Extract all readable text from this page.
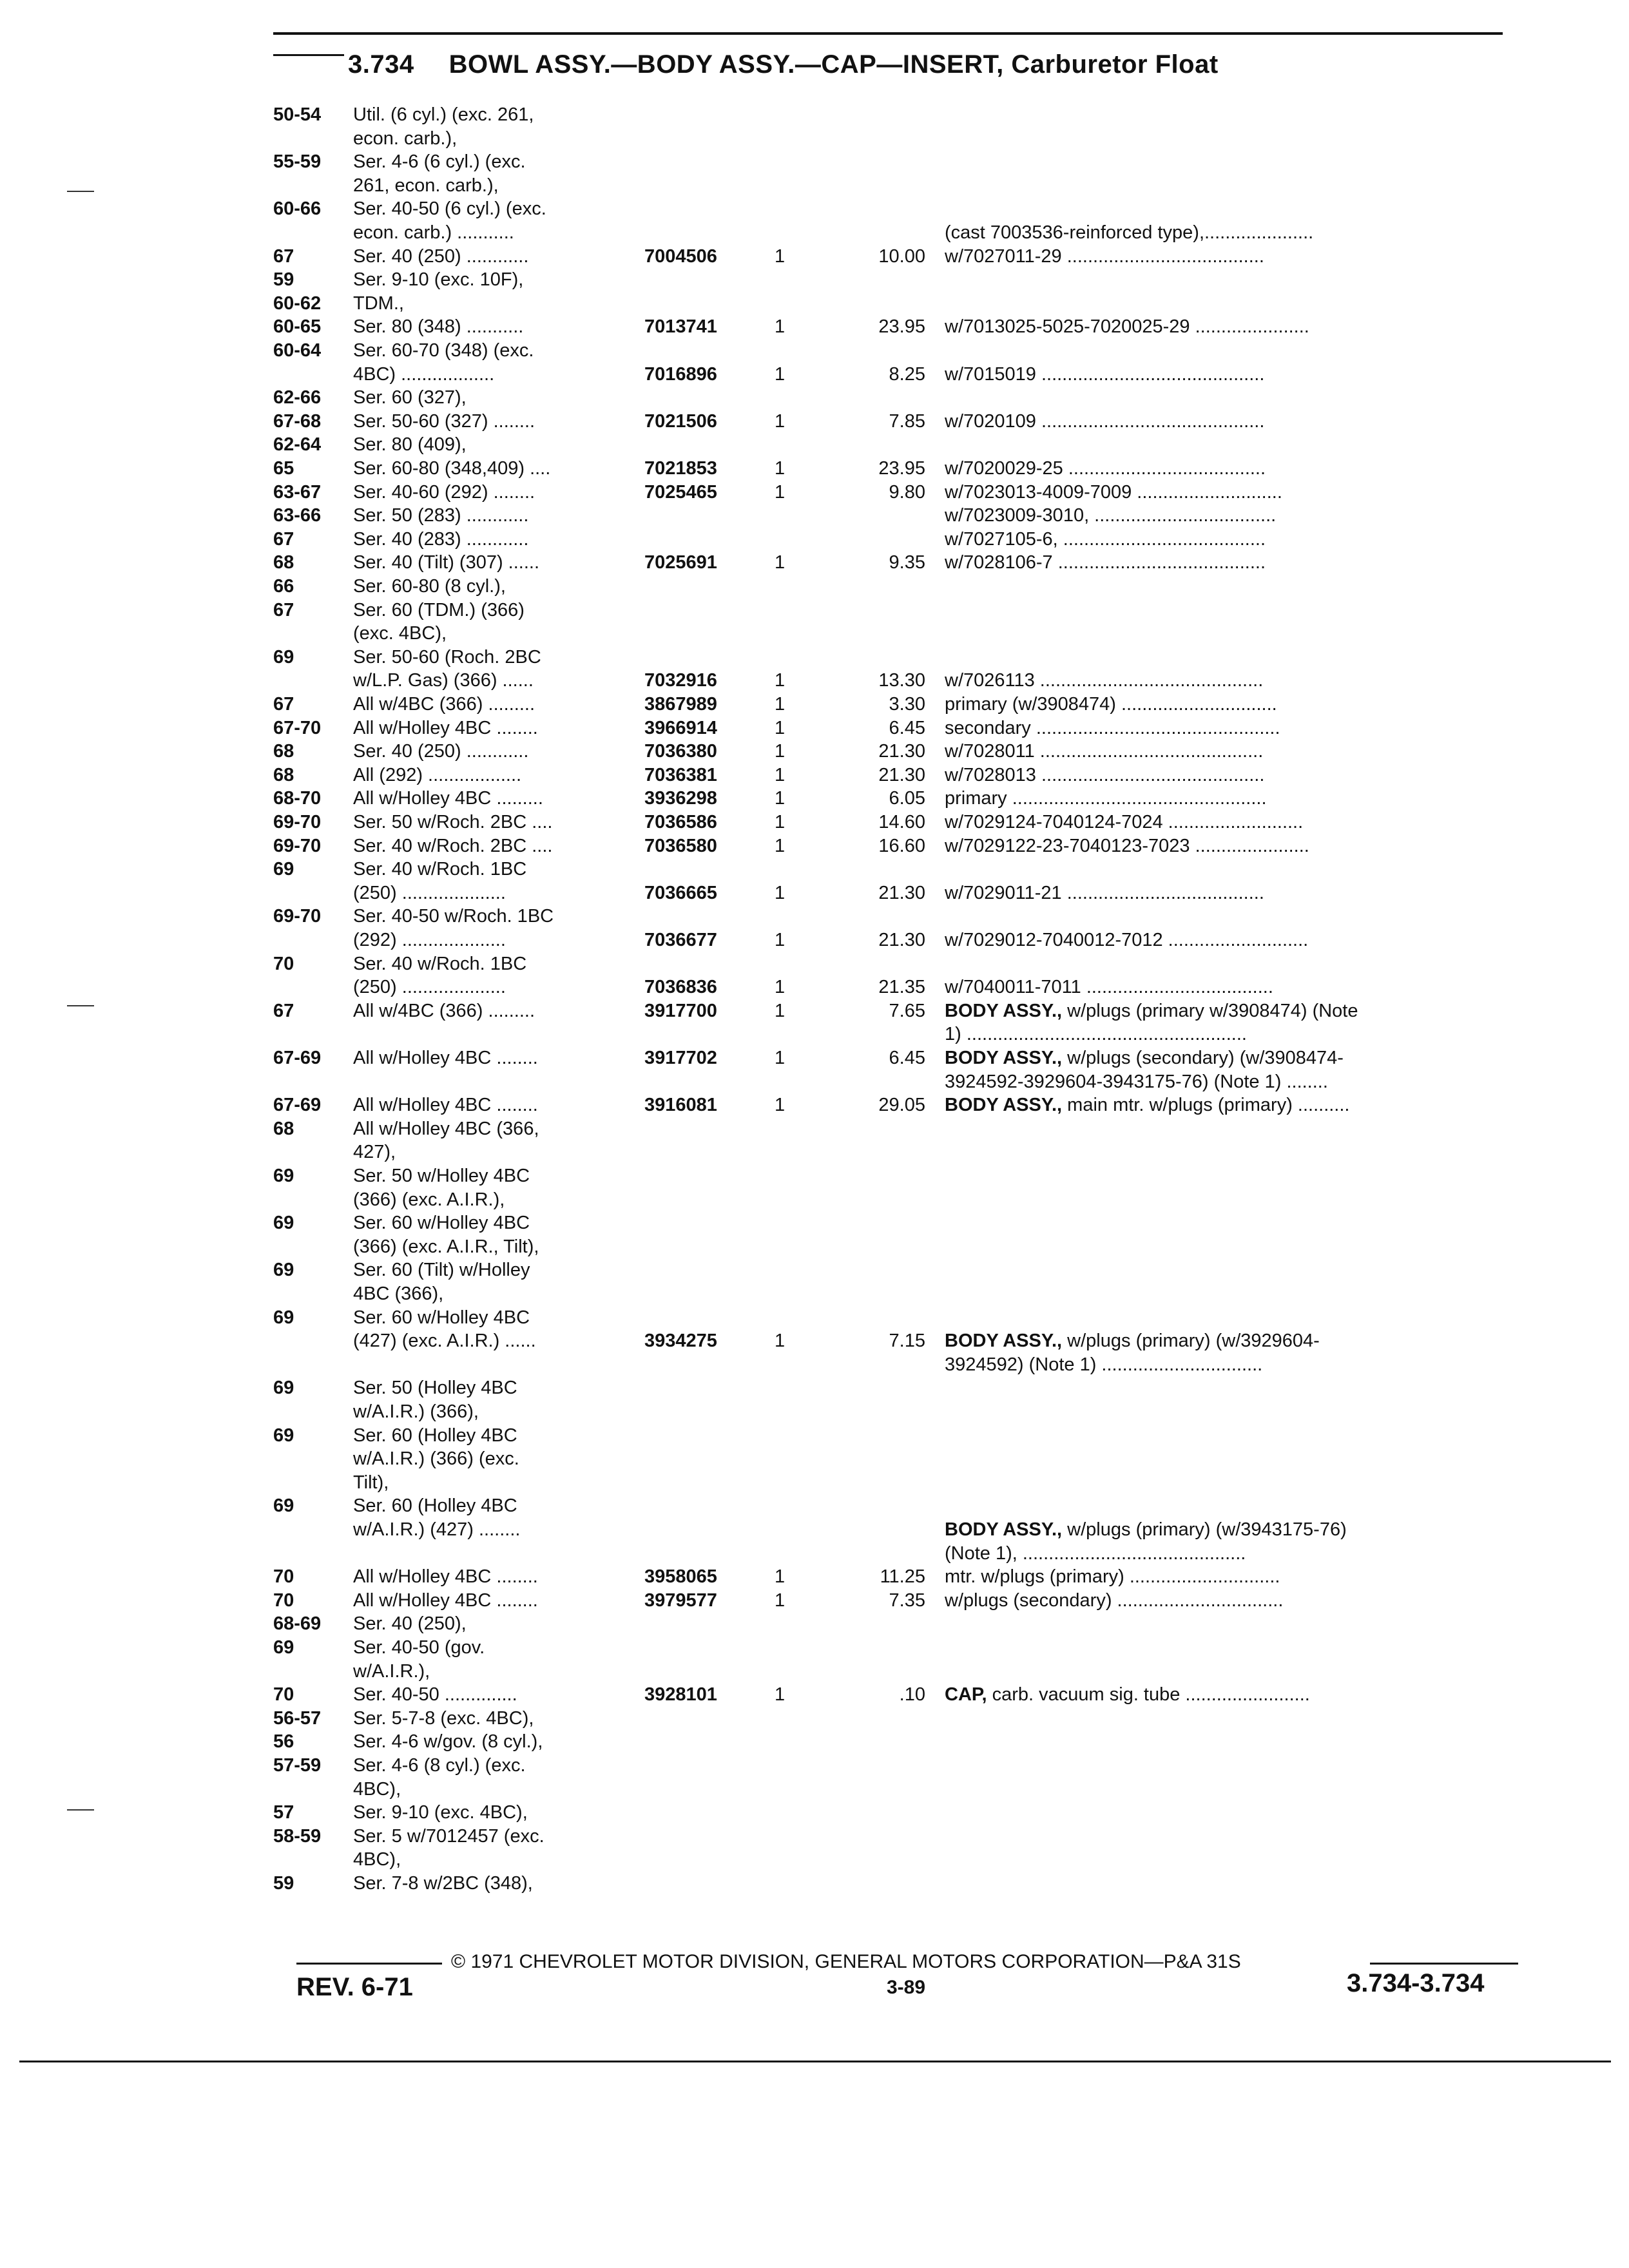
3.734 BOWL ASSY.—BODY ASSY.—CAP—INSERT, Carburetor Float
50-54 Util. (6 cyl.) (exc. 261,
econ. carb.),
55-59 Ser. 4-6 (6 cyl.) (exc.
261, econ. carb.),
60-66 Ser. 40-50 (6 cyl.) (exc.
econ. carb.) ...........	(cast 7003536-reinforced type),.....................
67	Ser. 40 (250) ............	7004506	1	10.00 w/7027011-29 ......................................
59	Ser. 9-10 (exc. 10F),
60-62 TDM.,
60-65 Ser. 80 (348) ...........	7013741	1	23.95 w/7013025-5025-7020025-29 ......................
60-64 Ser. 60-70 (348) (exc.
4BC) ..................	7016896	1	8.25 w/7015019 ...........................................
62-66 Ser. 60 (327),
67-68 Ser. 50-60 (327) ........	7021506	1	7.85 w/7020109 ...........................................
62-64 Ser. 80 (409),
65	Ser. 60-80 (348,409) ....	7021853	1	23.95 w/7020029-25 ......................................
63-67 Ser. 40-60 (292) ........	7025465	1	9.80 w/7023013-4009-7009 ............................
63-66 Ser. 50 (283) ............	w/7023009-3010, ...................................
67	Ser. 40 (283) ............	w/7027105-6, .......................................
68	Ser. 40 (Tilt) (307) ......	7025691	1	9.35 w/7028106-7 ........................................
66	Ser. 60-80 (8 cyl.),
67	Ser. 60 (TDM.) (366)
(exc. 4BC),
69	Ser. 50-60 (Roch. 2BC
w/L.P. Gas) (366) ......	7032916	1	13.30 w/7026113 ...........................................
67	All w/4BC (366) .........	3867989	1	3.30 primary (w/3908474) ..............................
67-70 All w/Holley 4BC ........	3966914	1	6.45 secondary ...............................................
68	Ser. 40 (250) ............	7036380	1	21.30 w/7028011 ...........................................
68	All (292) ..................	7036381	1	21.30 w/7028013 ...........................................
68-70 All w/Holley 4BC .........	3936298	1	6.05 primary .................................................
69-70 Ser. 50 w/Roch. 2BC ....	7036586	1	14.60 w/7029124-7040124-7024 ..........................
69-70 Ser. 40 w/Roch. 2BC ....	7036580	1	16.60 w/7029122-23-7040123-7023 ......................
69	Ser. 40 w/Roch. 1BC
(250) ....................	7036665	1	21.30 w/7029011-21 ......................................
69-70 Ser. 40-50 w/Roch. 1BC
(292) ....................	7036677	1	21.30 w/7029012-7040012-7012 ...........................
70	Ser. 40 w/Roch. 1BC
(250) ....................	7036836	1	21.35 w/7040011-7011 ....................................
67	All w/4BC (366) .........	3917700	1	7.65 BODY ASSY., w/plugs (primary w/3908474) (Note
1) ......................................................
67-69 All w/Holley 4BC ........	3917702	1	6.45 BODY ASSY., w/plugs (secondary) (w/3908474-
3924592-3929604-3943175-76) (Note 1) ........
67-69 All w/Holley 4BC ........	3916081	1	29.05 BODY ASSY., main mtr. w/plugs (primary) ..........
68	All w/Holley 4BC (366,
427),
69	Ser. 50 w/Holley 4BC
(366) (exc. A.I.R.),
69	Ser. 60 w/Holley 4BC
(366) (exc. A.I.R., Tilt),
69	Ser. 60 (Tilt) w/Holley
4BC (366),
69	Ser. 60 w/Holley 4BC
(427) (exc. A.I.R.) ......	3934275	1	7.15 BODY ASSY., w/plugs (primary) (w/3929604-
3924592) (Note 1) ...............................
69	Ser. 50 (Holley 4BC
w/A.I.R.) (366),
69	Ser. 60 (Holley 4BC
w/A.I.R.) (366) (exc.
Tilt),
69	Ser. 60 (Holley 4BC
w/A.I.R.) (427) ........	BODY ASSY., w/plugs (primary) (w/3943175-76)
(Note 1), ...........................................
70	All w/Holley 4BC ........	3958065	1	11.25 mtr. w/plugs (primary) .............................
70	All w/Holley 4BC ........	3979577	1	7.35 w/plugs (secondary) ................................
68-69 Ser. 40 (250),
69	Ser. 40-50 (gov.
w/A.I.R.),
70	Ser. 40-50 ..............	3928101	1	.10 CAP, carb. vacuum sig. tube ........................
56-57 Ser. 5-7-8 (exc. 4BC),
56	Ser. 4-6 w/gov. (8 cyl.),
57-59 Ser. 4-6 (8 cyl.) (exc.
4BC),
57	Ser. 9-10 (exc. 4BC),
58-59 Ser. 5 w/7012457 (exc.
4BC),
59	Ser. 7-8 w/2BC (348),
© 1971 CHEVROLET MOTOR DIVISION, GENERAL MOTORS CORPORATION—P&A 31S
REV. 6-71	3-89	3.734-3.734
